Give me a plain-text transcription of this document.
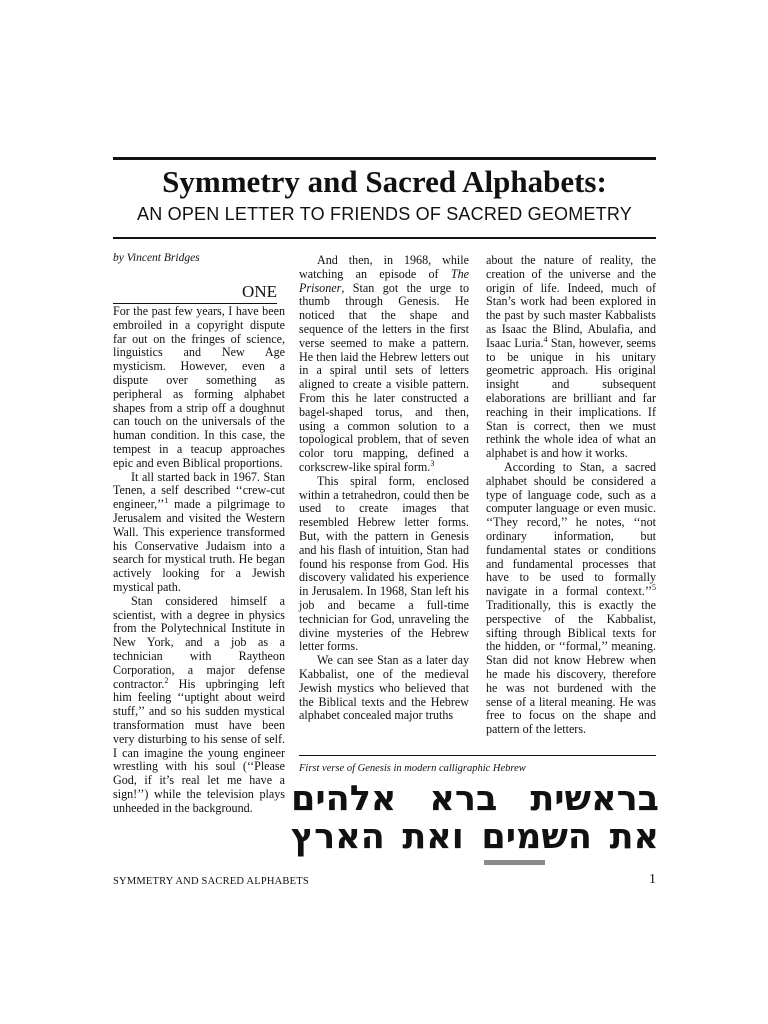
Symmetry and Sacred Alphabets:
AN OPEN LETTER TO FRIENDS OF SACRED GEOMETRY
by Vincent Bridges
ONE

For the past few years, I have been embroiled in a copyright dispute far out on the fringes of science, linguistics and New Age mysticism. However, even a dispute over something as peripheral as forming alphabet shapes from a strip off a doughnut can touch on the universals of the human condition. In this case, the tempest in a teacup approaches epic and even Biblical proportions.

It all started back in 1967. Stan Tenen, a self described ‘‘crew-cut engineer,’’$^1$ made a pilgrimage to Jerusalem and visited the Western Wall. This experience transformed his Conservative Judaism into a search for mystical truth. He began actively looking for a Jewish mystical path.

Stan considered himself a scientist, with a degree in physics from the Polytechnical Institute in New York, and a job as a technician with Raytheon Corporation, a major defense contractor.$^2$ His upbringing left him feeling ‘‘uptight about weird stuff,’’ and so his sudden mystical transformation must have been very disturbing to his sense of self. I can imagine the young engineer wrestling with his soul (‘‘Please God, if it’s real let me have a sign!’’) while the television plays unheeded in the background.

And then, in 1968, while watching an episode of The Prisoner, Stan got the urge to thumb through Genesis. He noticed that the shape and sequence of the letters in the first verse seemed to make a pattern. He then laid the Hebrew letters out in a spiral until sets of letters aligned to create a visible pattern. From this he later constructed a bagel-shaped torus, and then, using a common solution to a topological problem, that of seven color toru mapping, defined a corkscrew-like spiral form.$^3$

This spiral form, enclosed within a tetrahedron, could then be used to create images that resembled Hebrew letter forms. But, with the pattern in Genesis and his flash of intuition, Stan had found his response from God. His discovery validated his experience in Jerusalem. In 1968, Stan left his job and became a full-time technician for God, unraveling the divine mysteries of the Hebrew letter forms.

We can see Stan as a later day Kabbalist, one of the medieval Jewish mystics who believed that the Biblical texts and the Hebrew alphabet concealed major truths

about the nature of reality, the creation of the universe and the origin of life. Indeed, much of Stan’s work had been explored in the past by such master Kabbalists as Isaac the Blind, Abulafia, and Isaac Luria.$^4$ Stan, however, seems to be unique in his unitary geometric approach. His original insight and subsequent elaborations are brilliant and far reaching in their implications. If Stan is correct, then we must rethink the whole idea of what an alphabet is and how it works.

According to Stan, a sacred alphabet should be considered a type of language code, such as a computer language or even music. ‘‘They record,’’ he notes, ‘‘not ordinary information, but fundamental states or conditions and fundamental processes that have to be used to formally navigate in a formal context.’’$^5$ Traditionally, this is exactly the perspective of the Kabbalist, sifting through Biblical texts for the hidden, or ‘‘formal,’’ meaning. Stan did not know Hebrew when he made his discovery, therefore he was not burdened with the sense of a literal meaning. He was free to focus on the shape and pattern of the letters.

First verse of Genesis in modern calligraphic Hebrew
בראשית ברא אלהים
את השמים ואת הארץ
SYMMETRY AND SACRED ALPHABETS	1
